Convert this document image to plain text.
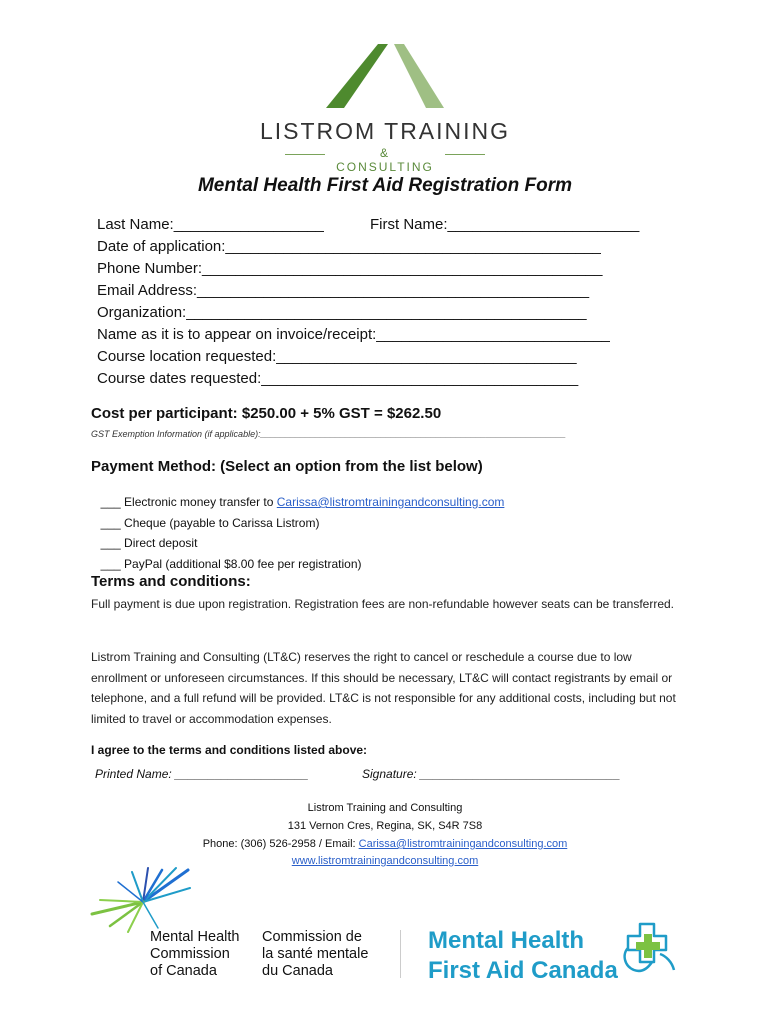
LISTROM TRAINING
& CONSULTING
Mental Health First Aid Registration Form
Last Name:__________________	First Name:_______________________
Date of application:_____________________________________________
Phone Number:________________________________________________
Email Address:_______________________________________________
Organization:________________________________________________
Name as it is to appear on invoice/receipt:____________________________
Course location requested:____________________________________
Course dates requested:______________________________________
Cost per participant: $250.00 + 5% GST = $262.50
GST Exemption Information (if applicable):_____________________________________________________________
Payment Method: (Select an option from the list below)

___ Electronic money transfer to Carissa@listromtrainingandconsulting.com

___ Cheque (payable to Carissa Listrom)

___ Direct deposit

___ PayPal (additional $8.00 fee per registration)

Terms and conditions:
Full payment is due upon registration. Registration fees are non-refundable however seats can be transferred.
Listrom Training and Consulting (LT&C) reserves the right to cancel or reschedule a course due to low enrollment or unforeseen circumstances. If this should be necessary, LT&C will contact registrants by email or telephone, and a full refund will be provided. LT&C is not responsible for any additional costs, including but not limited to travel or accommodation expenses.
I agree to the terms and conditions listed above:
Printed Name: ____________________	Signature: ______________________________
Listrom Training and Consulting
131 Vernon Cres, Regina, SK, S4R 7S8
Phone: (306) 526-2958 / Email: Carissa@listromtrainingandconsulting.com
www.listromtrainingandconsulting.com
Mental Health
Commission
of Canada
Commission de
la santé mentale
du Canada
Mental Health
First Aid Canada
